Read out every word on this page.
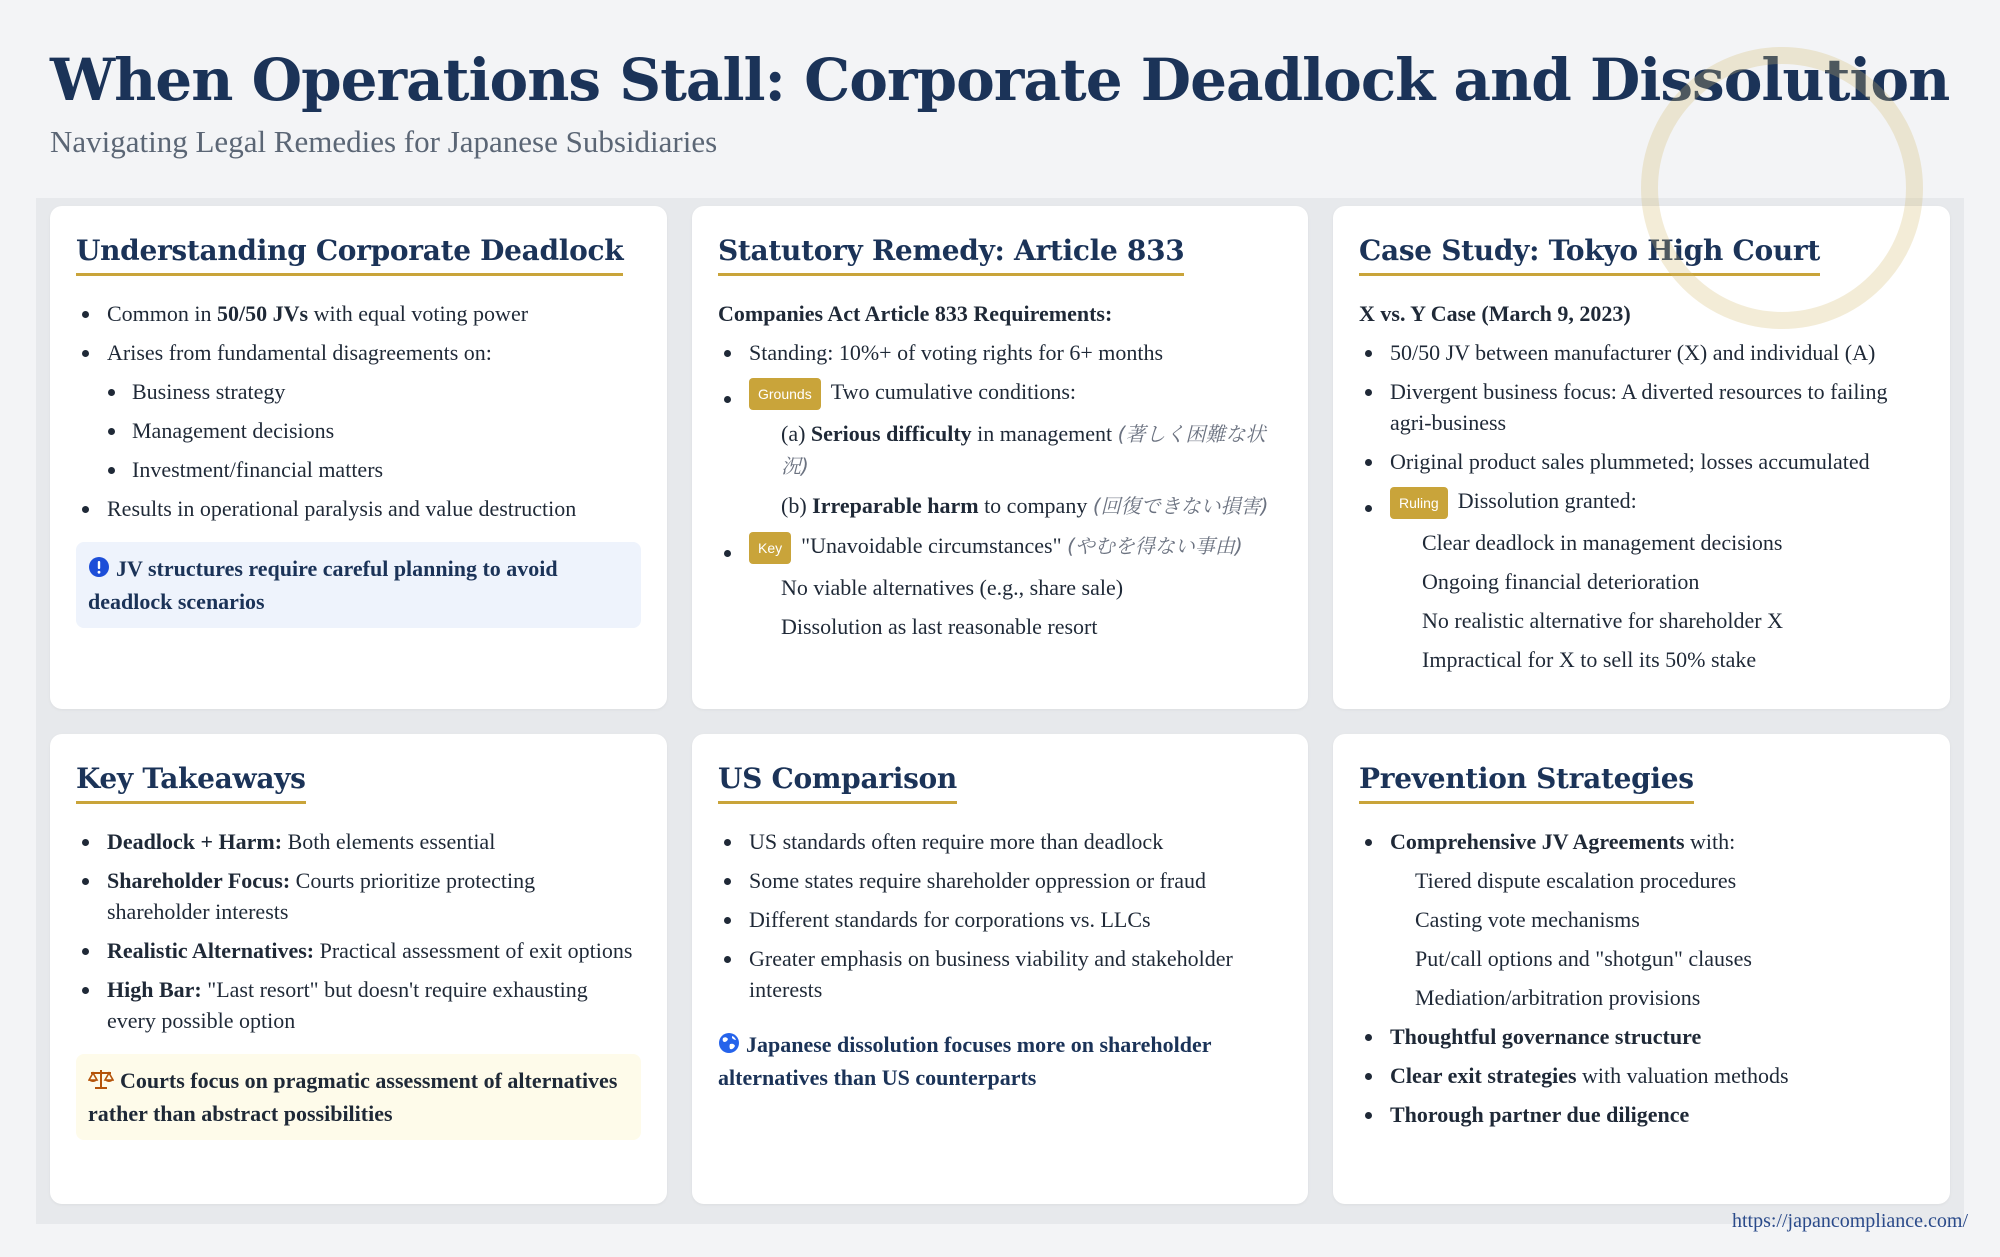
When Operations Stall: Corporate Deadlock and Dissolution
Navigating Legal Remedies for Japanese Subsidiaries
Understanding Corporate Deadlock
Common in 50/50 JVs with equal voting power
Arises from fundamental disagreements on:
Business strategy
Management decisions
Investment/financial matters
Results in operational paralysis and value destruction
JV structures require careful planning to avoid deadlock scenarios
Statutory Remedy: Article 833
Companies Act Article 833 Requirements:
Standing: 10%+ of voting rights for 6+ months
Grounds Two cumulative conditions:
(a) Serious difficulty in management (著しく困難な状況)
(b) Irreparable harm to company (回復できない損害)
Key "Unavoidable circumstances" (やむを得ない事由)
No viable alternatives (e.g., share sale)
Dissolution as last reasonable resort
Case Study: Tokyo High Court
X vs. Y Case (March 9, 2023)
50/50 JV between manufacturer (X) and individual (A)
Divergent business focus: A diverted resources to failing agri-business
Original product sales plummeted; losses accumulated
Ruling Dissolution granted:
Clear deadlock in management decisions
Ongoing financial deterioration
No realistic alternative for shareholder X
Impractical for X to sell its 50% stake
Key Takeaways
Deadlock + Harm: Both elements essential
Shareholder Focus: Courts prioritize protecting shareholder interests
Realistic Alternatives: Practical assessment of exit options
High Bar: "Last resort" but doesn't require exhausting every possible option
Courts focus on pragmatic assessment of alternatives rather than abstract possibilities
US Comparison
US standards often require more than deadlock
Some states require shareholder oppression or fraud
Different standards for corporations vs. LLCs
Greater emphasis on business viability and stakeholder interests
Japanese dissolution focuses more on shareholder alternatives than US counterparts
Prevention Strategies
Comprehensive JV Agreements with:
Tiered dispute escalation procedures
Casting vote mechanisms
Put/call options and "shotgun" clauses
Mediation/arbitration provisions
Thoughtful governance structure
Clear exit strategies with valuation methods
Thorough partner due diligence
https://japancompliance.com/
